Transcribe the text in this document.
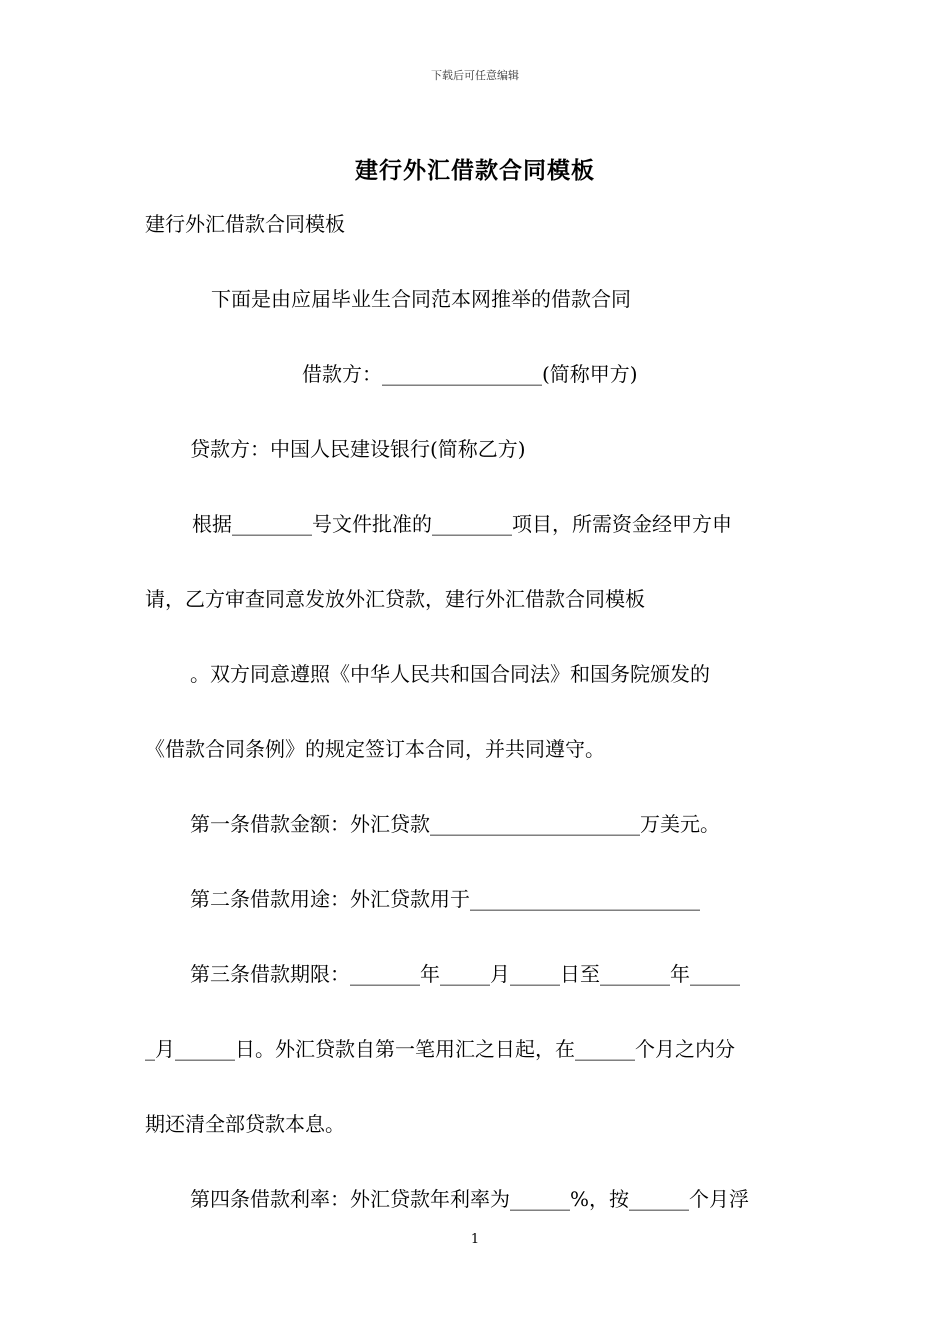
下载后可任意编辑
建行外汇借款合同模板
建行外汇借款合同模板
下面是由应届毕业生合同范本网推举的借款合同
借款方：________________(简称甲方)
贷款方：中国人民建设银行(简称乙方)
根据________号文件批准的________项目，所需资金经甲方申
请，乙方审查同意发放外汇贷款，建行外汇借款合同模板
。双方同意遵照《中华人民共和国合同法》和国务院颁发的
《借款合同条例》的规定签订本合同，并共同遵守。
第一条借款金额：外汇贷款_____________________万美元。
第二条借款用途：外汇贷款用于_______________________
第三条借款期限：_______年_____月_____日至_______年_____
_月______日。外汇贷款自第一笔用汇之日起，在______个月之内分
期还清全部贷款本息。
第四条借款利率：外汇贷款年利率为______%，按______个月浮
1
